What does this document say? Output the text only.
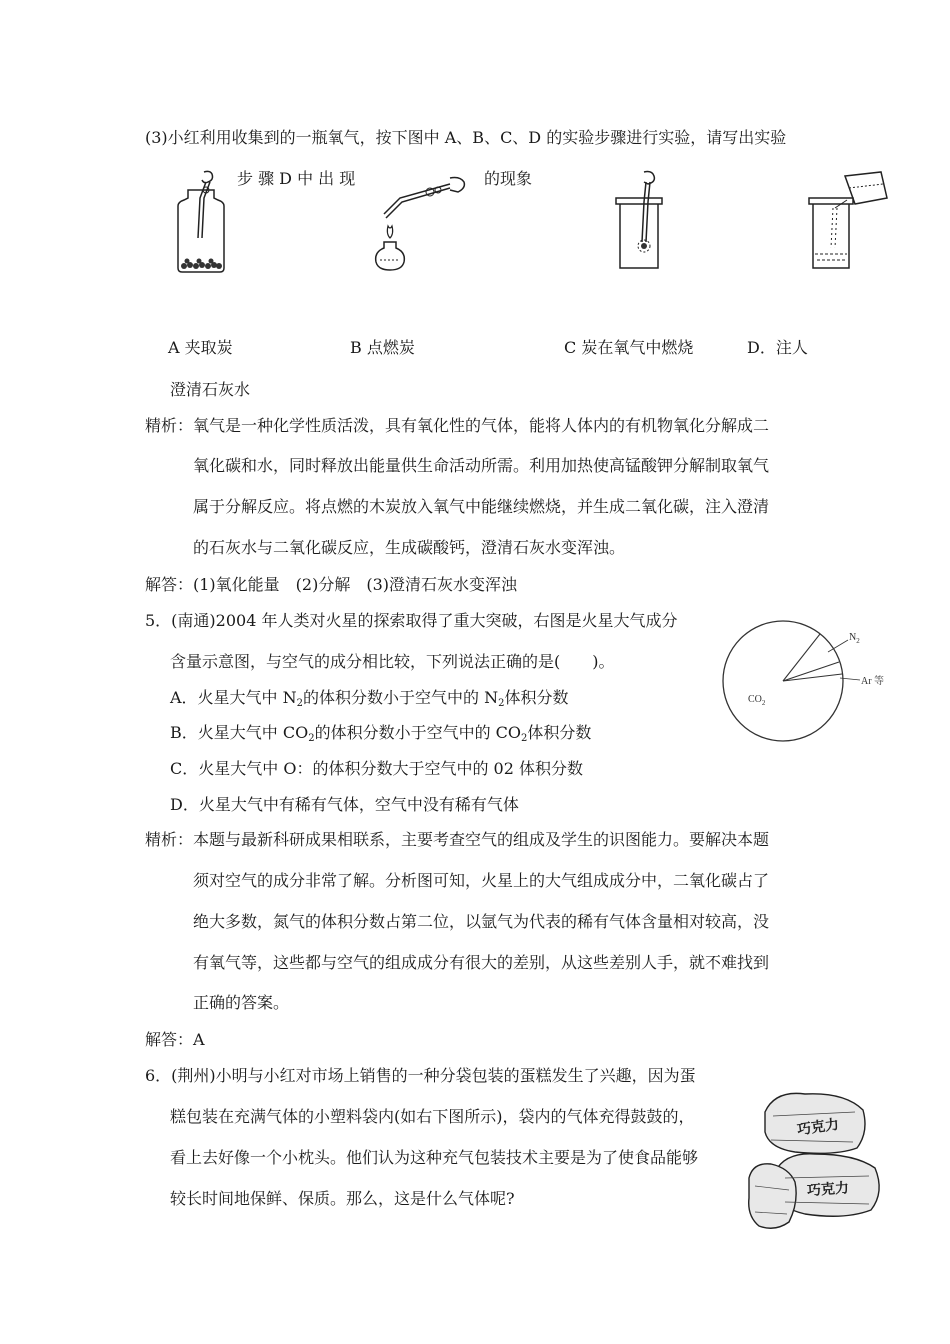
(3)小红利用收集到的一瓶氧气，按下图中 A、B、C、D 的实验步骤进行实验，请写出实验
步 骤 D 中 出 现	的现象
A 夹取炭	B 点燃炭	C 炭在氧气中燃烧	D．注人
澄清石灰水
精析： 氧气是一种化学性质活泼，具有氧化性的气体，能将人体内的有机物氧化分解成二
氧化碳和水，同时释放出能量供生命活动所需。利用加热使高锰酸钾分解制取氧气
属于分解反应。将点燃的木炭放入氧气中能继续燃烧，并生成二氧化碳，注入澄清
的石灰水与二氧化碳反应，生成碳酸钙，澄清石灰水变浑浊。
解答：(1)氧化能量　(2)分解　(3)澄清石灰水变浑浊
5．(南通)2004 年人类对火星的探索取得了重大突破，右图是火星大气成分
含量示意图，与空气的成分相比较，下列说法正确的是(　　)。
A．火星大气中 $N_2$的体积分数小于空气中的 $N_2$体积分数
B．火星大气中 $CO_2$的体积分数小于空气中的 $CO_2$体积分数
C．火星大气中 O：的体积分数大于空气中的 02 体积分数
D．火星大气中有稀有气体，空气中没有稀有气体
$N_2$
Ar 等
$CO_2$
精析： 本题与最新科研成果相联系，主要考查空气的组成及学生的识图能力。要解决本题
须对空气的成分非常了解。分析图可知，火星上的大气组成成分中，二氧化碳占了
绝大多数，氮气的体积分数占第二位，以氩气为代表的稀有气体含量相对较高，没
有氧气等，这些都与空气的组成成分有很大的差别，从这些差别人手，就不难找到
正确的答案。
解答：A
6．(荆州)小明与小红对市场上销售的一种分袋包装的蛋糕发生了兴趣，因为蛋
糕包装在充满气体的小塑料袋内(如右下图所示)，袋内的气体充得鼓鼓的，
看上去好像一个小枕头。他们认为这种充气包装技术主要是为了使食品能够
较长时间地保鲜、保质。那么，这是什么气体呢?
巧克力
巧克力
